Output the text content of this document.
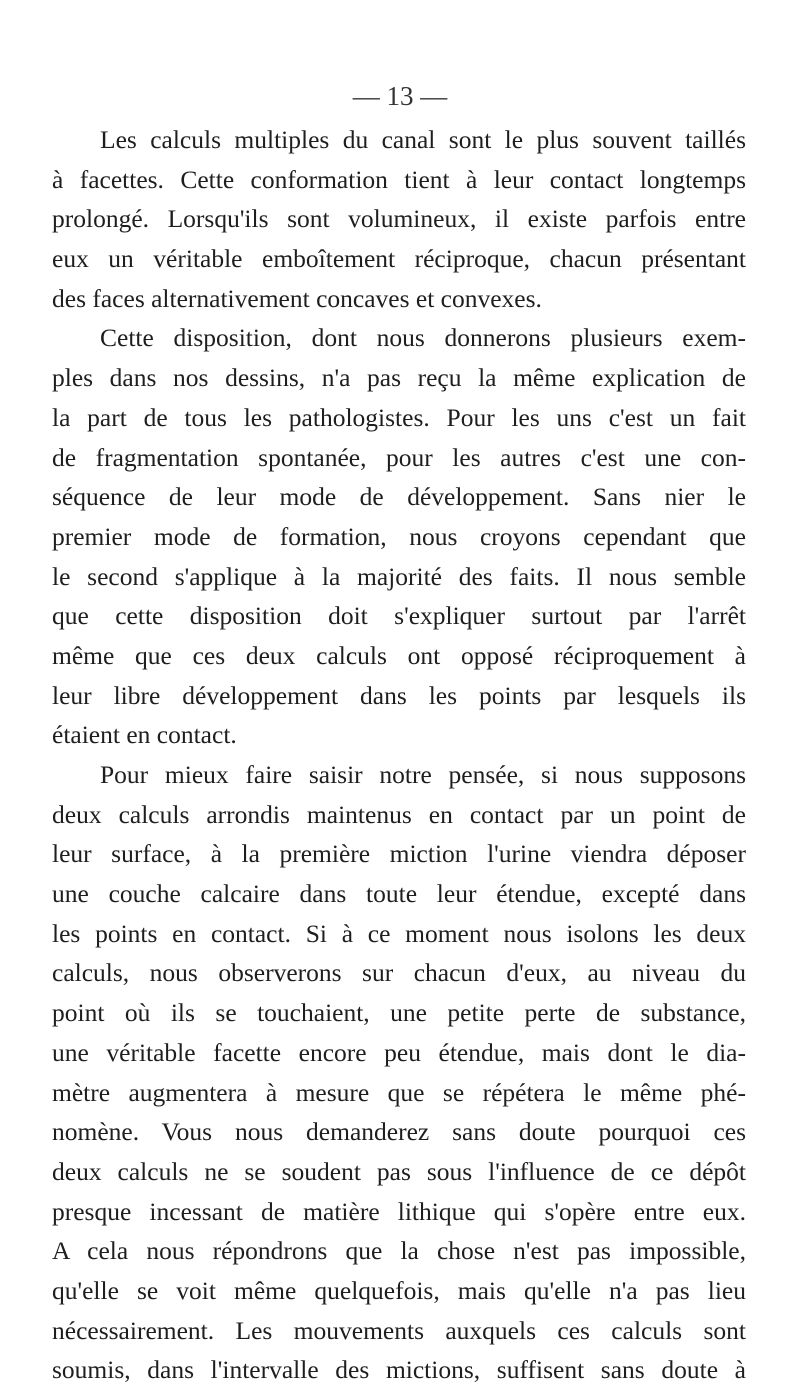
— 13 —
Les calculs multiples du canal sont le plus souvent taillés
à facettes. Cette conformation tient à leur contact longtemps
prolongé. Lorsqu'ils sont volumineux, il existe parfois entre
eux un véritable emboîtement réciproque, chacun présentant
des faces alternativement concaves et convexes.
Cette disposition, dont nous donnerons plusieurs exem-
ples dans nos dessins, n'a pas reçu la même explication de
la part de tous les pathologistes. Pour les uns c'est un fait
de fragmentation spontanée, pour les autres c'est une con-
séquence de leur mode de développement. Sans nier le
premier mode de formation, nous croyons cependant que
le second s'applique à la majorité des faits. Il nous semble
que cette disposition doit s'expliquer surtout par l'arrêt
même que ces deux calculs ont opposé réciproquement à
leur libre développement dans les points par lesquels ils
étaient en contact.
Pour mieux faire saisir notre pensée, si nous supposons
deux calculs arrondis maintenus en contact par un point de
leur surface, à la première miction l'urine viendra déposer
une couche calcaire dans toute leur étendue, excepté dans
les points en contact. Si à ce moment nous isolons les deux
calculs, nous observerons sur chacun d'eux, au niveau du
point où ils se touchaient, une petite perte de substance,
une véritable facette encore peu étendue, mais dont le dia-
mètre augmentera à mesure que se répétera le même phé-
nomène. Vous nous demanderez sans doute pourquoi ces
deux calculs ne se soudent pas sous l'influence de ce dépôt
presque incessant de matière lithique qui s'opère entre eux.
A cela nous répondrons que la chose n'est pas impossible,
qu'elle se voit même quelquefois, mais qu'elle n'a pas lieu
nécessairement. Les mouvements auxquels ces calculs sont
soumis, dans l'intervalle des mictions, suffisent sans doute à
